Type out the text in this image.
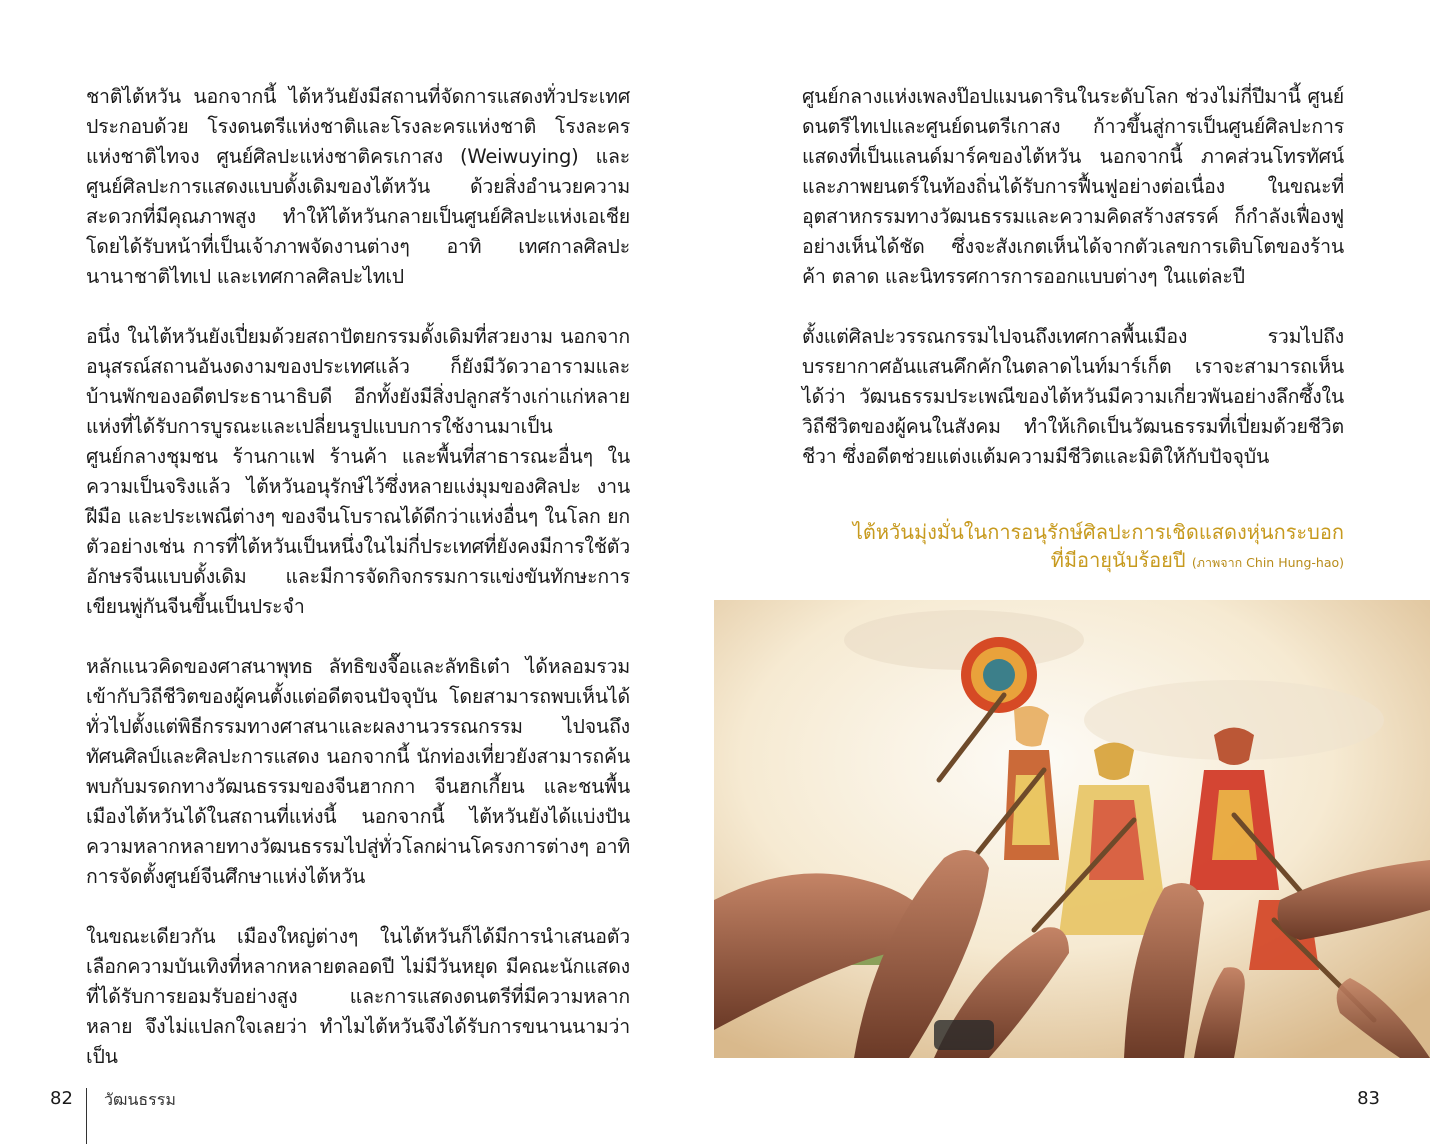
ชาติไต้หวัน นอกจากนี้ ไต้หวันยังมีสถานที่จัดการแสดงทั่วประเทศ ประกอบด้วย โรงดนตรีแห่งชาติและโรงละครแห่งชาติ โรงละครแห่งชาติไทจง ศูนย์ศิลปะแห่งชาติครเกาสง (Weiwuying) และศูนย์ศิลปะการแสดงแบบดั้งเดิมของไต้หวัน ด้วยสิ่งอำนวยความสะดวกที่มีคุณภาพสูง ทำให้ไต้หวันกลายเป็นศูนย์ศิลปะแห่งเอเชีย โดยได้รับหน้าที่เป็นเจ้าภาพจัดงานต่างๆ อาทิ เทศกาลศิลปะนานาชาติไทเป และเทศกาลศิลปะไทเป

อนึ่ง ในไต้หวันยังเปี่ยมด้วยสถาปัตยกรรมดั้งเดิมที่สวยงาม นอกจากอนุสรณ์สถานอันงดงามของประเทศแล้ว ก็ยังมีวัดวาอารามและบ้านพักของอดีตประธานาธิบดี อีกทั้งยังมีสิ่งปลูกสร้างเก่าแก่หลายแห่งที่ได้รับการบูรณะและเปลี่ยนรูปแบบการใช้งานมาเป็นศูนย์กลางชุมชน ร้านกาแฟ ร้านค้า และพื้นที่สาธารณะอื่นๆ ในความเป็นจริงแล้ว ไต้หวันอนุรักษ์ไว้ซึ่งหลายแง่มุมของศิลปะ งานฝีมือ และประเพณีต่างๆ ของจีนโบราณได้ดีกว่าแห่งอื่นๆ ในโลก ยกตัวอย่างเช่น การที่ไต้หวันเป็นหนึ่งในไม่กี่ประเทศที่ยังคงมีการใช้ตัวอักษรจีนแบบดั้งเดิม และมีการจัดกิจกรรมการแข่งขันทักษะการเขียนพู่กันจีนขึ้นเป็นประจำ

หลักแนวคิดของศาสนาพุทธ ลัทธิขงจื๊อและลัทธิเต๋า ได้หลอมรวมเข้ากับวิถีชีวิตของผู้คนตั้งแต่อดีตจนปัจจุบัน โดยสามารถพบเห็นได้ทั่วไปตั้งแต่พิธีกรรมทางศาสนาและผลงานวรรณกรรม ไปจนถึงทัศนศิลป์และศิลปะการแสดง นอกจากนี้ นักท่องเที่ยวยังสามารถค้นพบกับมรดกทางวัฒนธรรมของจีนฮากกา จีนฮกเกี้ยน และชนพื้นเมืองไต้หวันได้ในสถานที่แห่งนี้ นอกจากนี้ ไต้หวันยังได้แบ่งปันความหลากหลายทางวัฒนธรรมไปสู่ทั่วโลกผ่านโครงการต่างๆ อาทิ การจัดตั้งศูนย์จีนศึกษาแห่งไต้หวัน

ในขณะเดียวกัน เมืองใหญ่ต่างๆ ในไต้หวันก็ได้มีการนำเสนอตัวเลือกความบันเทิงที่หลากหลายตลอดปี ไม่มีวันหยุด มีคณะนักแสดงที่ได้รับการยอมรับอย่างสูง และการแสดงดนตรีที่มีความหลากหลาย จึงไม่แปลกใจเลยว่า ทำไมไต้หวันจึงได้รับการขนานนามว่าเป็น

ศูนย์กลางแห่งเพลงป๊อปแมนดารินในระดับโลก ช่วงไม่กี่ปีมานี้ ศูนย์ดนตรีไทเปและศูนย์ดนตรีเกาสง ก้าวขึ้นสู่การเป็นศูนย์ศิลปะการแสดงที่เป็นแลนด์มาร์คของไต้หวัน นอกจากนี้ ภาคส่วนโทรทัศน์และภาพยนตร์ในท้องถิ่นได้รับการฟื้นฟูอย่างต่อเนื่อง ในขณะที่อุตสาหกรรมทางวัฒนธรรมและความคิดสร้างสรรค์ ก็กำลังเฟื่องฟูอย่างเห็นได้ชัด ซึ่งจะสังเกตเห็นได้จากตัวเลขการเติบโตของร้านค้า ตลาด และนิทรรศการการออกแบบต่างๆ ในแต่ละปี

ตั้งแต่ศิลปะวรรณกรรมไปจนถึงเทศกาลพื้นเมือง รวมไปถึงบรรยากาศอันแสนคึกคักในตลาดไนท์มาร์เก็ต เราจะสามารถเห็นได้ว่า วัฒนธรรมประเพณีของไต้หวันมีความเกี่ยวพันอย่างลึกซึ้งในวิถีชีวิตของผู้คนในสังคม ทำให้เกิดเป็นวัฒนธรรมที่เปี่ยมด้วยชีวิตชีวา ซึ่งอดีตช่วยแต่งแต้มความมีชีวิตและมิติให้กับปัจจุบัน

ไต้หวันมุ่งมั่นในการอนุรักษ์ศิลปะการเชิดแสดงหุ่นกระบอก
ที่มีอายุนับร้อยปี (ภาพจาก Chin Hung-hao)
82 วัฒนธรรม	83
